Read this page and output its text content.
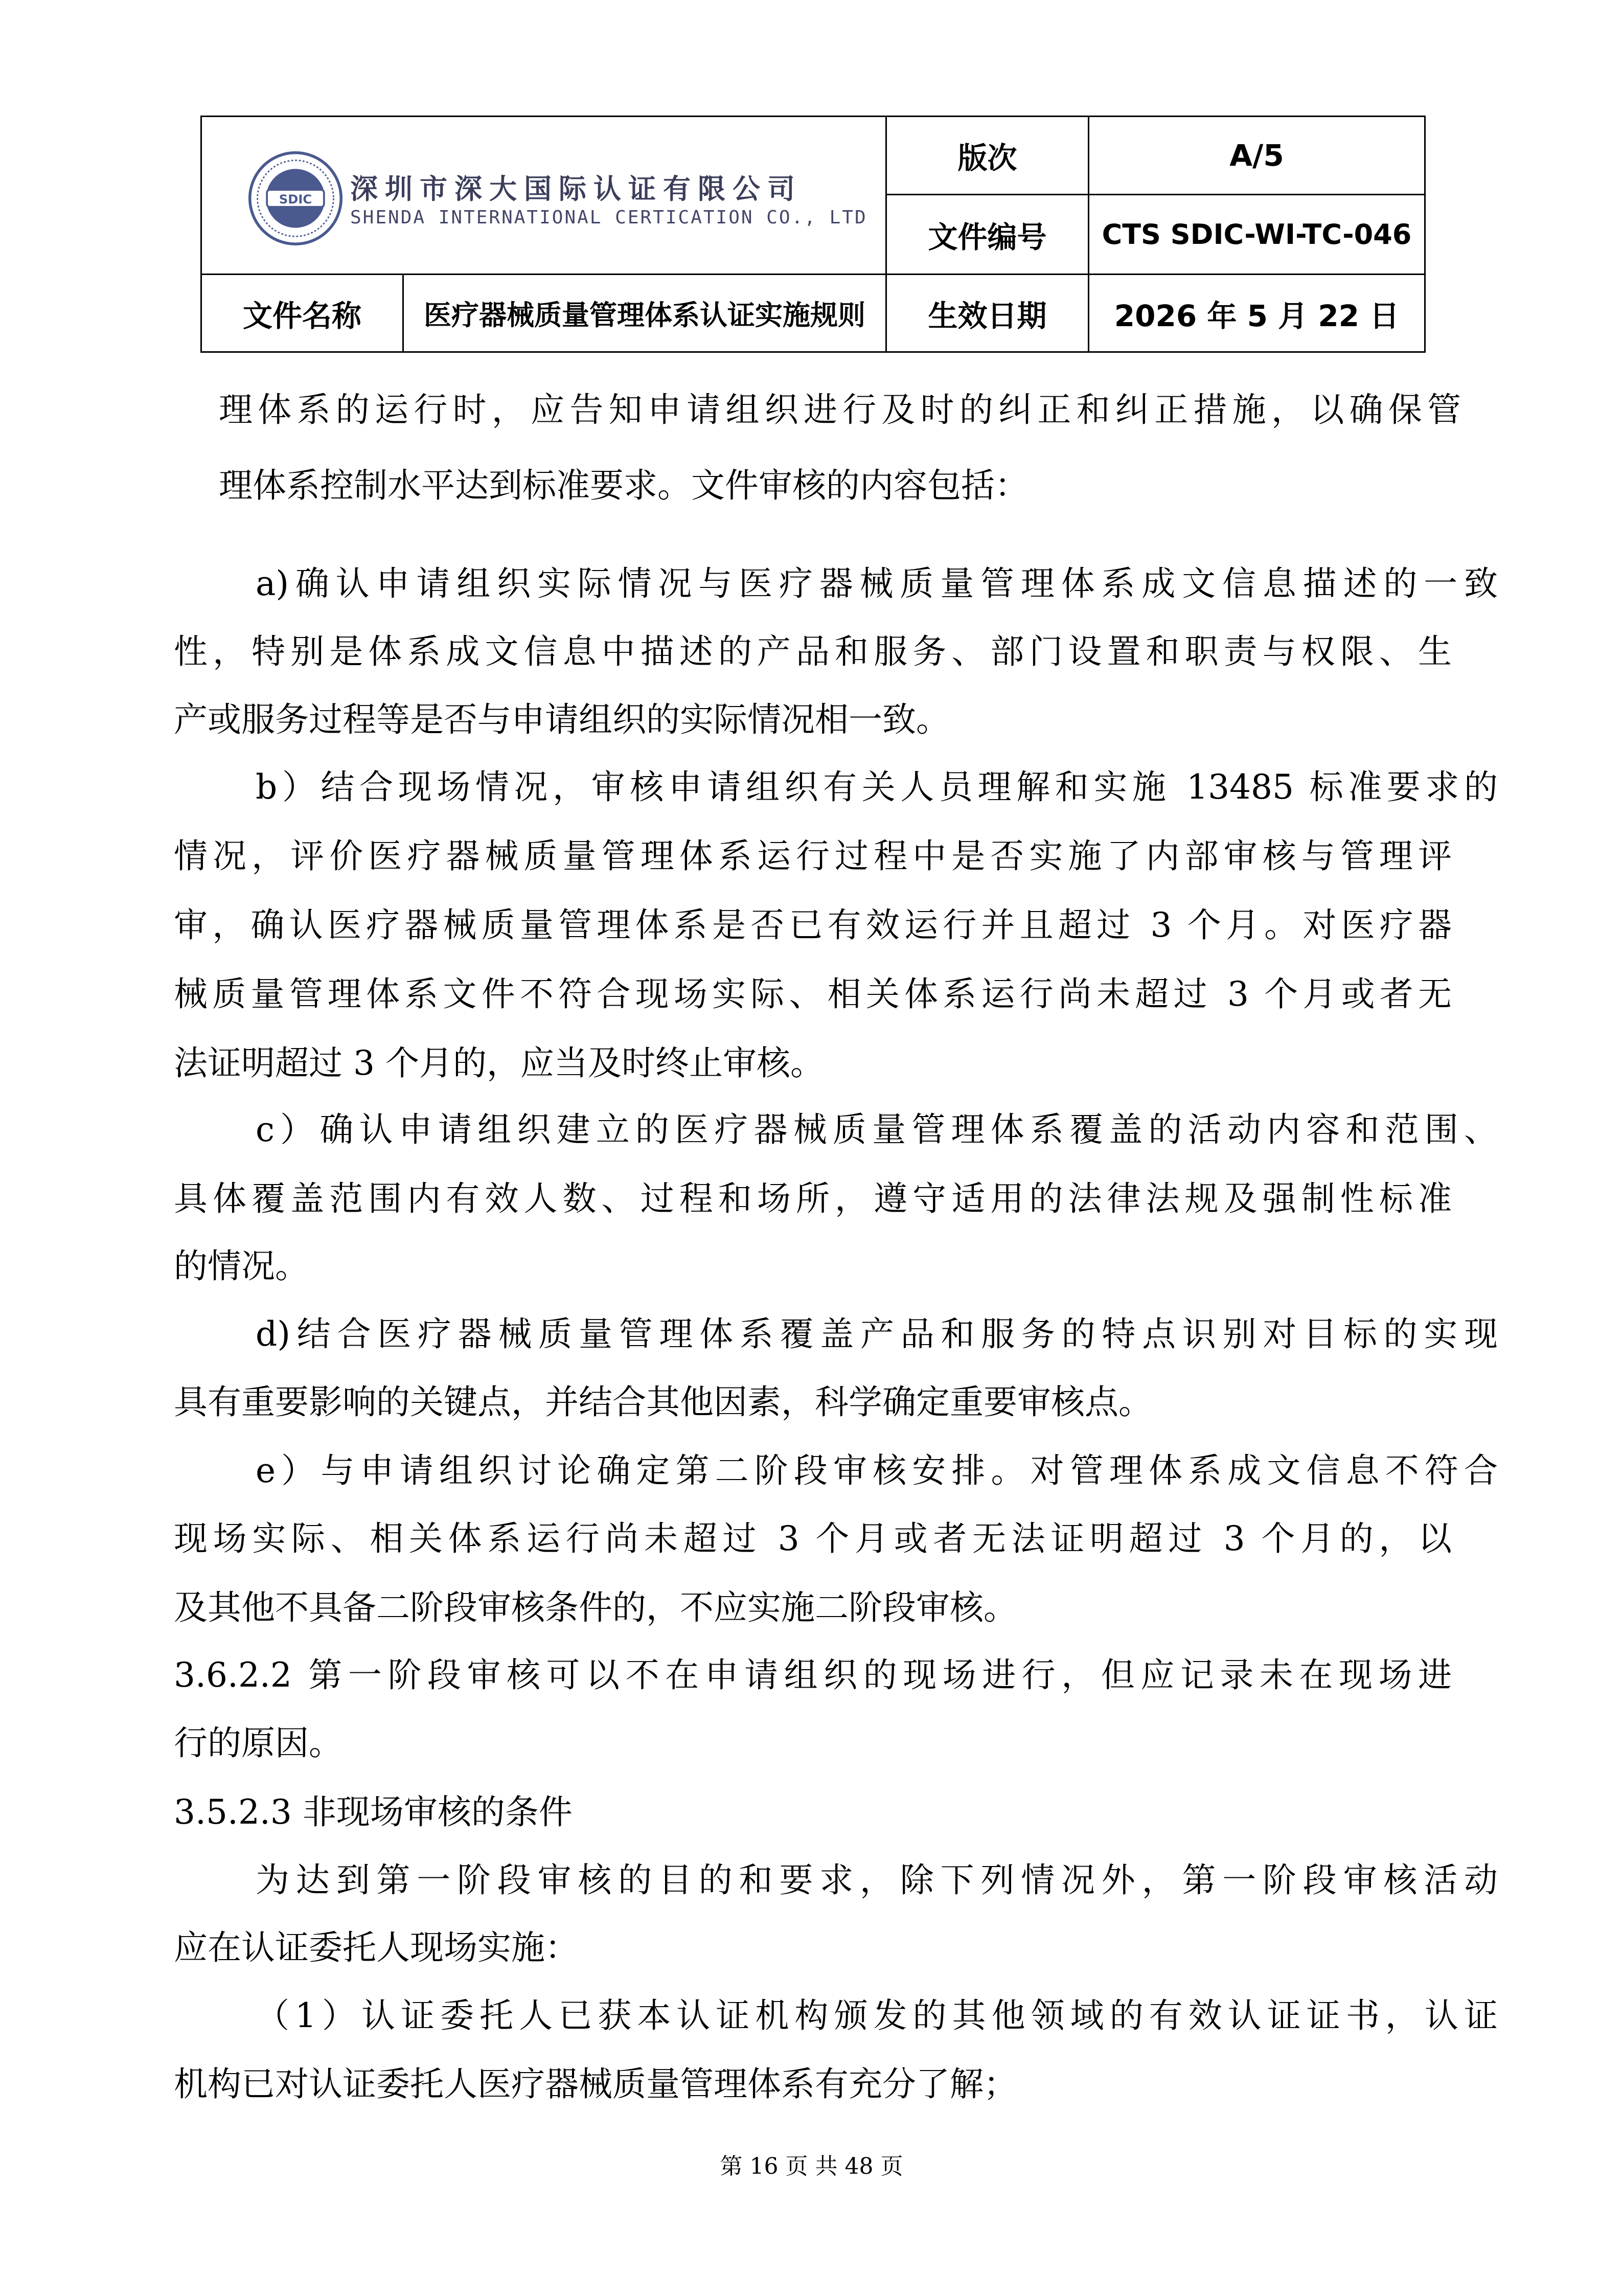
SDIC 深圳市深大国际认证有限公司
SHENDA INTERNATIONAL CERTICATION CO., LTD
版次	A/5
文件编号	CTS SDIC-WI-TC-046
文件名称	医疗器械质量管理体系认证实施规则	生效日期	2026 年 5 月 22 日
理体系的运行时，应告知申请组织进行及时的纠正和纠正措施，以确保管
理体系控制水平达到标准要求。文件审核的内容包括：
a)确认申请组织实际情况与医疗器械质量管理体系成文信息描述的一致
性，特别是体系成文信息中描述的产品和服务、部门设置和职责与权限、生
产或服务过程等是否与申请组织的实际情况相一致。
b）结合现场情况，审核申请组织有关人员理解和实施 13485 标准要求的
情况，评价医疗器械质量管理体系运行过程中是否实施了内部审核与管理评
审，确认医疗器械质量管理体系是否已有效运行并且超过 3 个月。对医疗器
械质量管理体系文件不符合现场实际、相关体系运行尚未超过 3 个月或者无
法证明超过 3 个月的，应当及时终止审核。
c）确认申请组织建立的医疗器械质量管理体系覆盖的活动内容和范围、
具体覆盖范围内有效人数、过程和场所，遵守适用的法律法规及强制性标准
的情况。
d)结合医疗器械质量管理体系覆盖产品和服务的特点识别对目标的实现
具有重要影响的关键点，并结合其他因素，科学确定重要审核点。
e）与申请组织讨论确定第二阶段审核安排。对管理体系成文信息不符合
现场实际、相关体系运行尚未超过 3 个月或者无法证明超过 3 个月的，以
及其他不具备二阶段审核条件的，不应实施二阶段审核。
3.6.2.2 第一阶段审核可以不在申请组织的现场进行，但应记录未在现场进
行的原因。
3.5.2.3 非现场审核的条件
为达到第一阶段审核的目的和要求，除下列情况外，第一阶段审核活动
应在认证委托人现场实施：
（1）认证委托人已获本认证机构颁发的其他领域的有效认证证书，认证
机构已对认证委托人医疗器械质量管理体系有充分了解；
第 16 页 共 48 页
